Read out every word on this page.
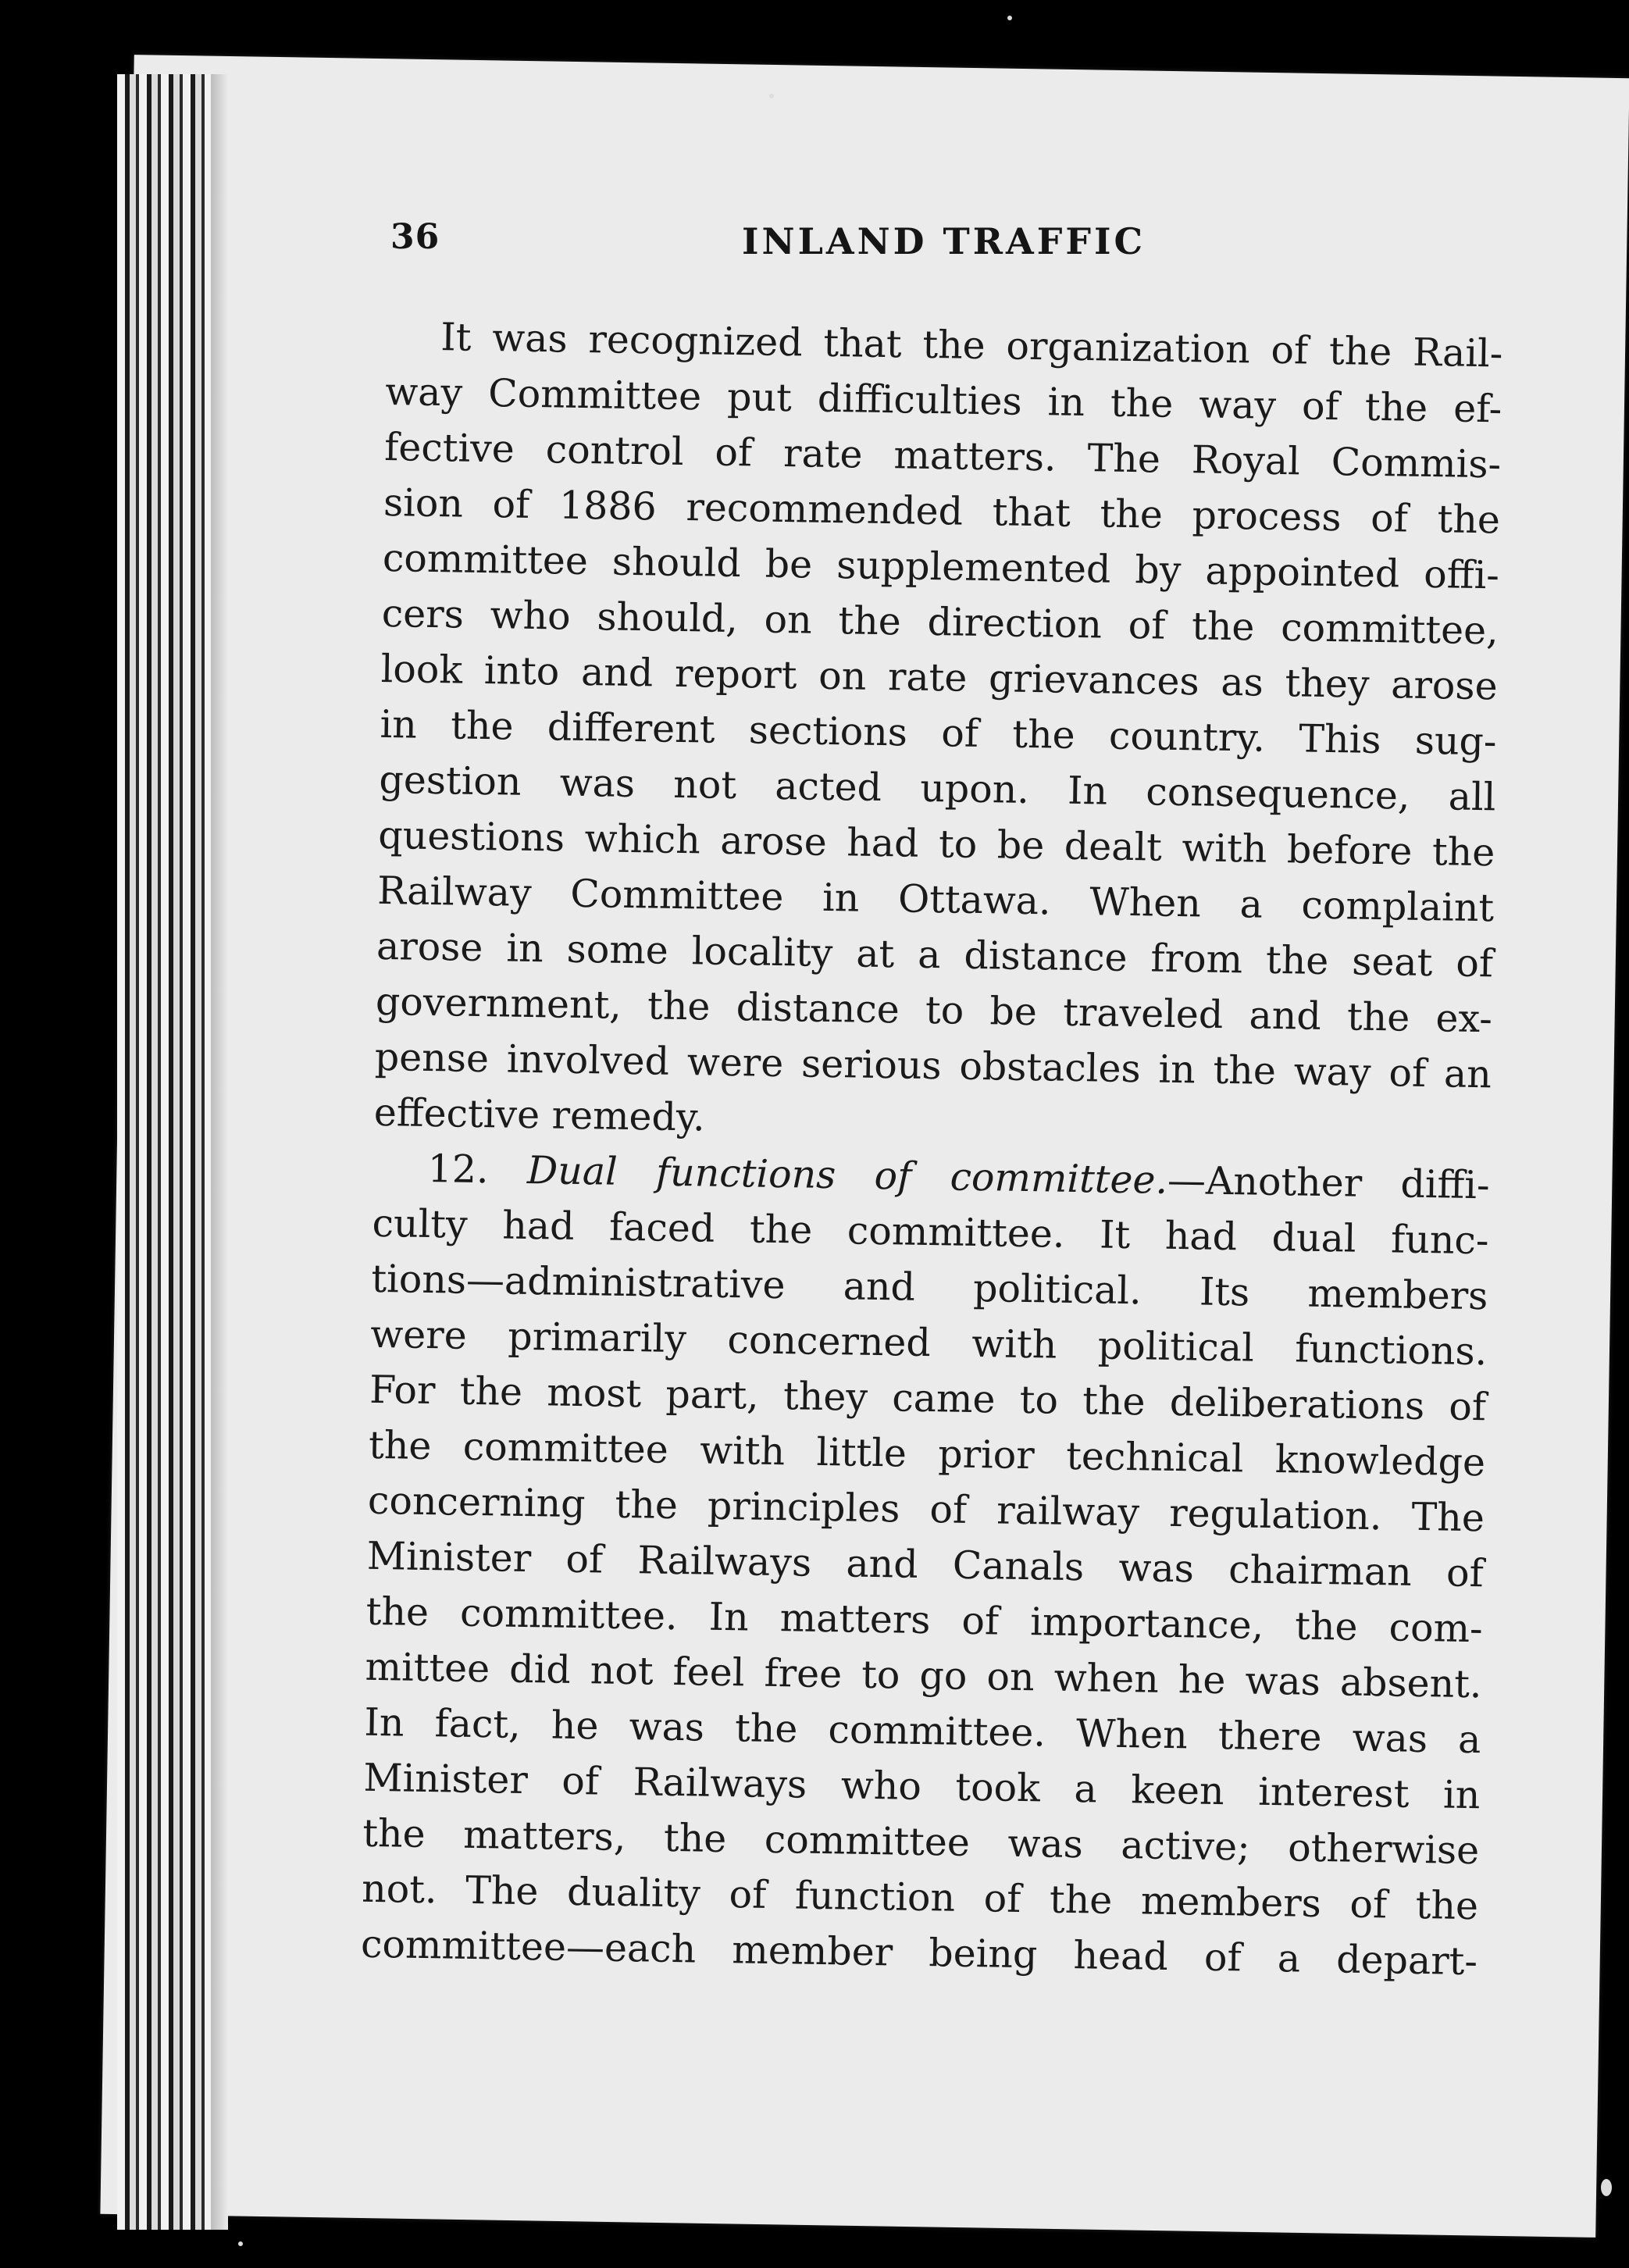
36	INLAND TRAFFIC
It was recognized that the organization of the Rail-
way Committee put difficulties in the way of the ef-
fective control of rate matters. The Royal Commis-
sion of 1886 recommended that the process of the
committee should be supplemented by appointed offi-
cers who should, on the direction of the committee,
look into and report on rate grievances as they arose
in the different sections of the country. This sug-
gestion was not acted upon. In consequence, all
questions which arose had to be dealt with before the
Railway Committee in Ottawa. When a complaint
arose in some locality at a distance from the seat of
government, the distance to be traveled and the ex-
pense involved were serious obstacles in the way of an
effective remedy.
12. Dual functions of committee.—Another diffi-
culty had faced the committee. It had dual func-
tions—administrative and political. Its members
were primarily concerned with political functions.
For the most part, they came to the deliberations of
the committee with little prior technical knowledge
concerning the principles of railway regulation. The
Minister of Railways and Canals was chairman of
the committee. In matters of importance, the com-
mittee did not feel free to go on when he was absent.
In fact, he was the committee. When there was a
Minister of Railways who took a keen interest in
the matters, the committee was active; otherwise
not. The duality of function of the members of the
committee—each member being head of a depart-
